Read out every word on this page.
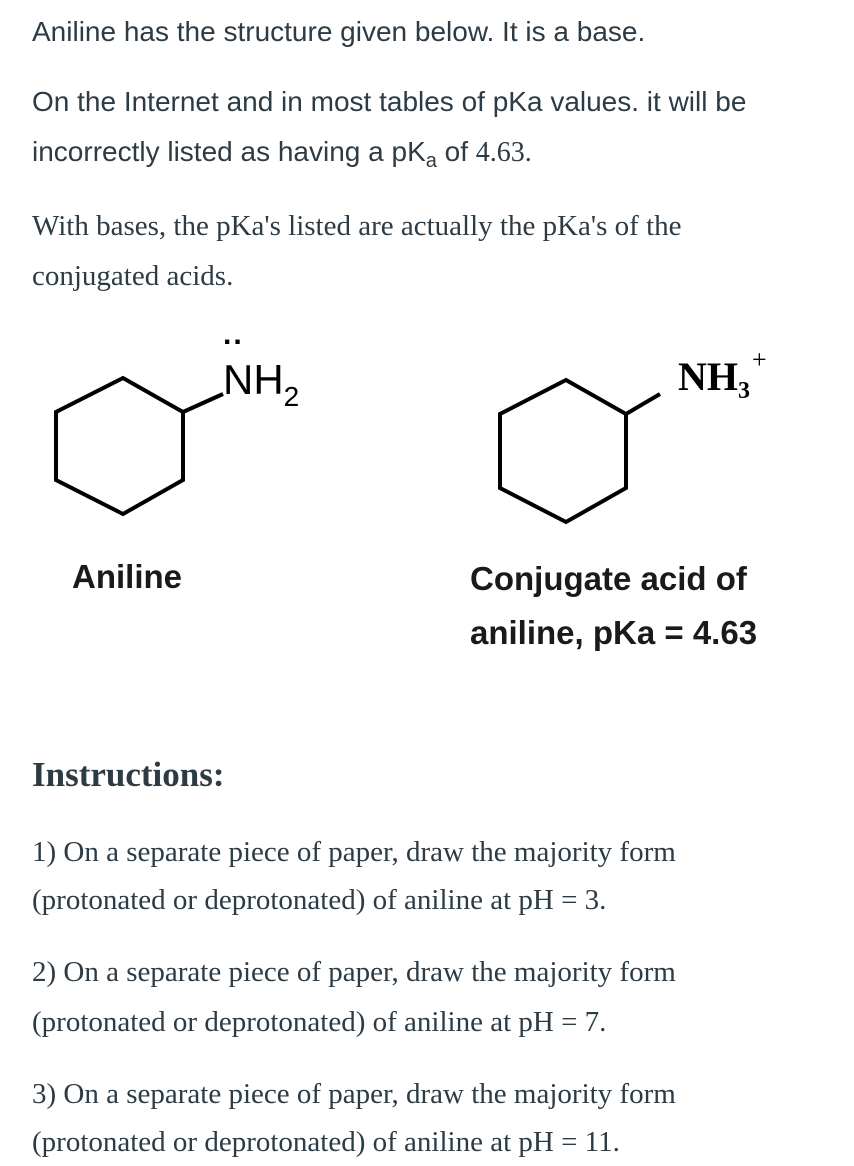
Aniline has the structure given below. It is a base.

On the Internet and in most tables of pKa values. it will be

incorrectly listed as having a $pK_a$ of 4.63.

With bases, the pKa's listed are actually the pKa's of the

conjugated acids.

..
$NH_2$	$NH_3^+$
Aniline	Conjugate acid of
aniline, pKa = 4.63
Instructions:

1) On a separate piece of paper, draw the majority form

(protonated or deprotonated) of aniline at pH = 3.

2) On a separate piece of paper, draw the majority form

(protonated or deprotonated) of aniline at pH = 7.

3) On a separate piece of paper, draw the majority form

(protonated or deprotonated) of aniline at pH = 11.
